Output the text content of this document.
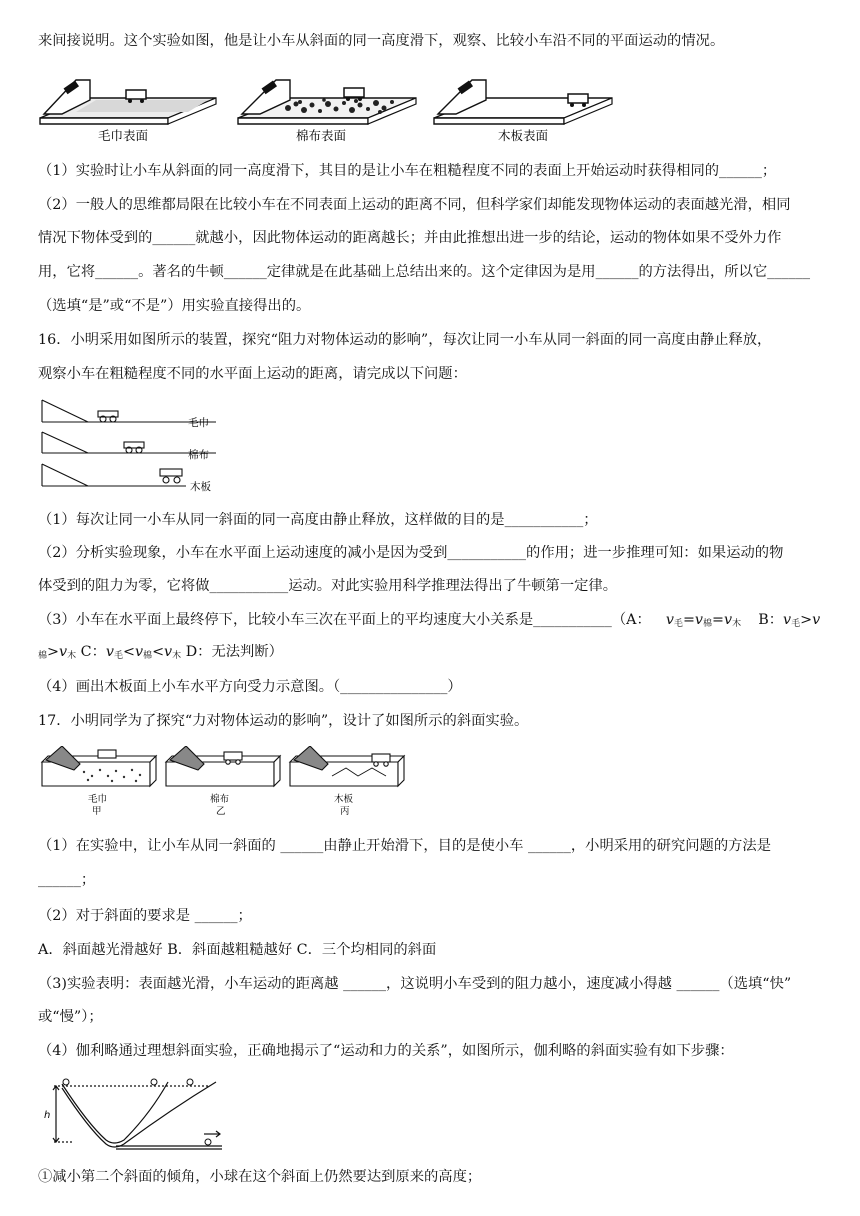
来间接说明。这个实验如图，他是让小车从斜面的同一高度滑下，观察、比较小车沿不同的平面运动的情况。
毛巾表面	棉布表面	木板表面
（1）实验时让小车从斜面的同一高度滑下，其目的是让小车在粗糙程度不同的表面上开始运动时获得相同的______；
（2）一般人的思维都局限在比较小车在不同表面上运动的距离不同，但科学家们却能发现物体运动的表面越光滑，相同
情况下物体受到的______就越小，因此物体运动的距离越长；并由此推想出进一步的结论，运动的物体如果不受外力作
用，它将______。著名的牛顿______定律就是在此基础上总结出来的。这个定律因为是用______的方法得出，所以它______
（选填“是”或“不是”）用实验直接得出的。
16．小明采用如图所示的装置，探究“阻力对物体运动的影响”，每次让同一小车从同一斜面的同一高度由静止释放，
观察小车在粗糙程度不同的水平面上运动的距离，请完成以下问题：
毛巾
棉布
木板
（1）每次让同一小车从同一斜面的同一高度由静止释放，这样做的目的是___________；
（2）分析实验现象，小车在水平面上运动速度的减小是因为受到___________的作用；进一步推理可知：如果运动的物
体受到的阻力为零，它将做___________运动。对此实验用科学推理法得出了牛顿第一定律。
（3）小车在水平面上最终停下，比较小车三次在平面上的平均速度大小关系是___________（A： $v_毛=v_棉=v_木$ B：$v_毛>v$
$_棉>v_木$ C：$v_毛<v_棉<v_木$ D：无法判断）
（4）画出木板面上小车水平方向受力示意图。（_______________）
17．小明同学为了探究“力对物体运动的影响”，设计了如图所示的斜面实验。
毛巾
甲
棉布
乙
木板
丙
（1）在实验中，让小车从同一斜面的 ______由静止开始滑下，目的是使小车 ______，小明采用的研究问题的方法是
______；
（2）对于斜面的要求是 ______；
A．斜面越光滑越好 B．斜面越粗糙越好 C．三个均相同的斜面
（3)实验表明：表面越光滑，小车运动的距离越 ______，这说明小车受到的阻力越小，速度减小得越 ______（选填“快”
或“慢”）；
（4）伽利略通过理想斜面实验，正确地揭示了“运动和力的关系”，如图所示，伽利略的斜面实验有如下步骤：
h
①减小第二个斜面的倾角，小球在这个斜面上仍然要达到原来的高度；
